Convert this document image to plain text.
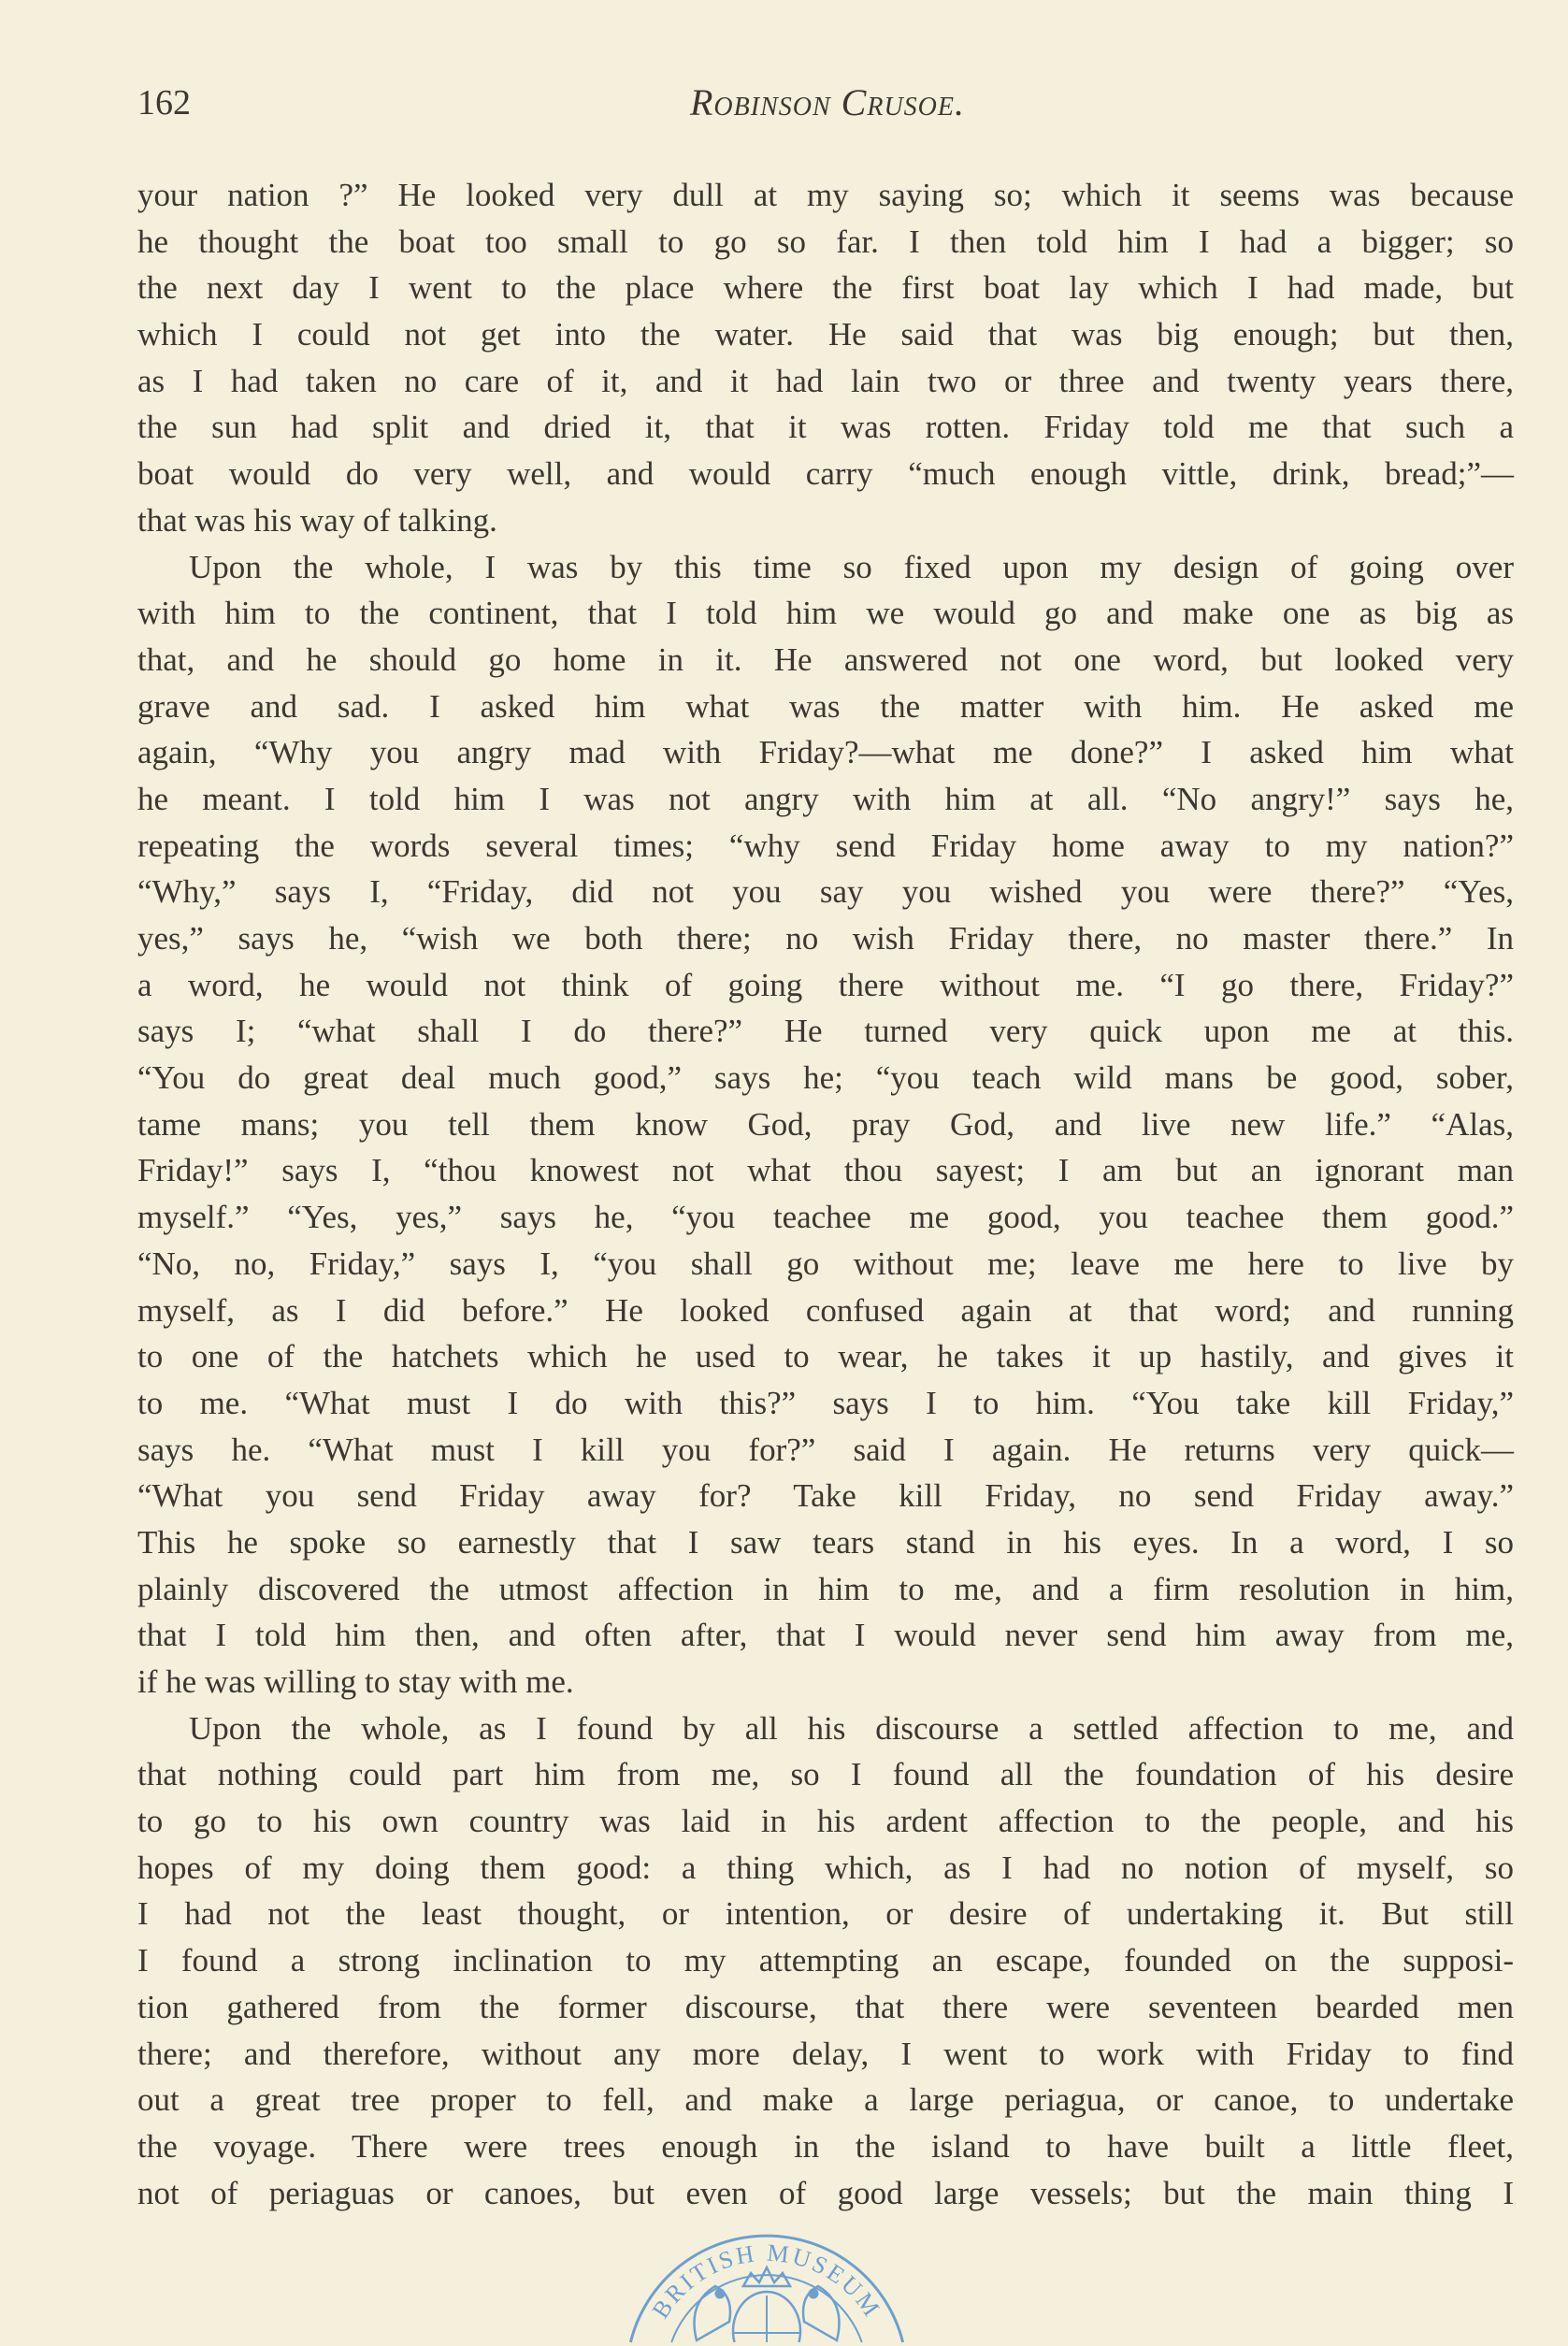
162	Robinson Crusoe.
your nation ?” He looked very dull at my saying so; which it seems was because
he thought the boat too small to go so far. I then told him I had a bigger; so
the next day I went to the place where the first boat lay which I had made, but
which I could not get into the water. He said that was big enough; but then,
as I had taken no care of it, and it had lain two or three and twenty years there,
the sun had split and dried it, that it was rotten. Friday told me that such a
boat would do very well, and would carry “much enough vittle, drink, bread;”—
that was his way of talking.
Upon the whole, I was by this time so fixed upon my design of going over
with him to the continent, that I told him we would go and make one as big as
that, and he should go home in it. He answered not one word, but looked very
grave and sad. I asked him what was the matter with him. He asked me
again, “Why you angry mad with Friday?—what me done?” I asked him what
he meant. I told him I was not angry with him at all. “No angry!” says he,
repeating the words several times; “why send Friday home away to my nation?”
“Why,” says I, “Friday, did not you say you wished you were there?” “Yes,
yes,” says he, “wish we both there; no wish Friday there, no master there.” In
a word, he would not think of going there without me. “I go there, Friday?”
says I; “what shall I do there?” He turned very quick upon me at this.
“You do great deal much good,” says he; “you teach wild mans be good, sober,
tame mans; you tell them know God, pray God, and live new life.” “Alas,
Friday!” says I, “thou knowest not what thou sayest; I am but an ignorant man
myself.” “Yes, yes,” says he, “you teachee me good, you teachee them good.”
“No, no, Friday,” says I, “you shall go without me; leave me here to live by
myself, as I did before.” He looked confused again at that word; and running
to one of the hatchets which he used to wear, he takes it up hastily, and gives it
to me. “What must I do with this?” says I to him. “You take kill Friday,”
says he. “What must I kill you for?” said I again. He returns very quick—
“What you send Friday away for? Take kill Friday, no send Friday away.”
This he spoke so earnestly that I saw tears stand in his eyes. In a word, I so
plainly discovered the utmost affection in him to me, and a firm resolution in him,
that I told him then, and often after, that I would never send him away from me,
if he was willing to stay with me.
Upon the whole, as I found by all his discourse a settled affection to me, and
that nothing could part him from me, so I found all the foundation of his desire
to go to his own country was laid in his ardent affection to the people, and his
hopes of my doing them good: a thing which, as I had no notion of myself, so
I had not the least thought, or intention, or desire of undertaking it. But still
I found a strong inclination to my attempting an escape, founded on the supposi-
tion gathered from the former discourse, that there were seventeen bearded men
there; and therefore, without any more delay, I went to work with Friday to find
out a great tree proper to fell, and make a large periagua, or canoe, to undertake
the voyage. There were trees enough in the island to have built a little fleet,
not of periaguas or canoes, but even of good large vessels; but the main thing I
BRITISH MUSEUM
